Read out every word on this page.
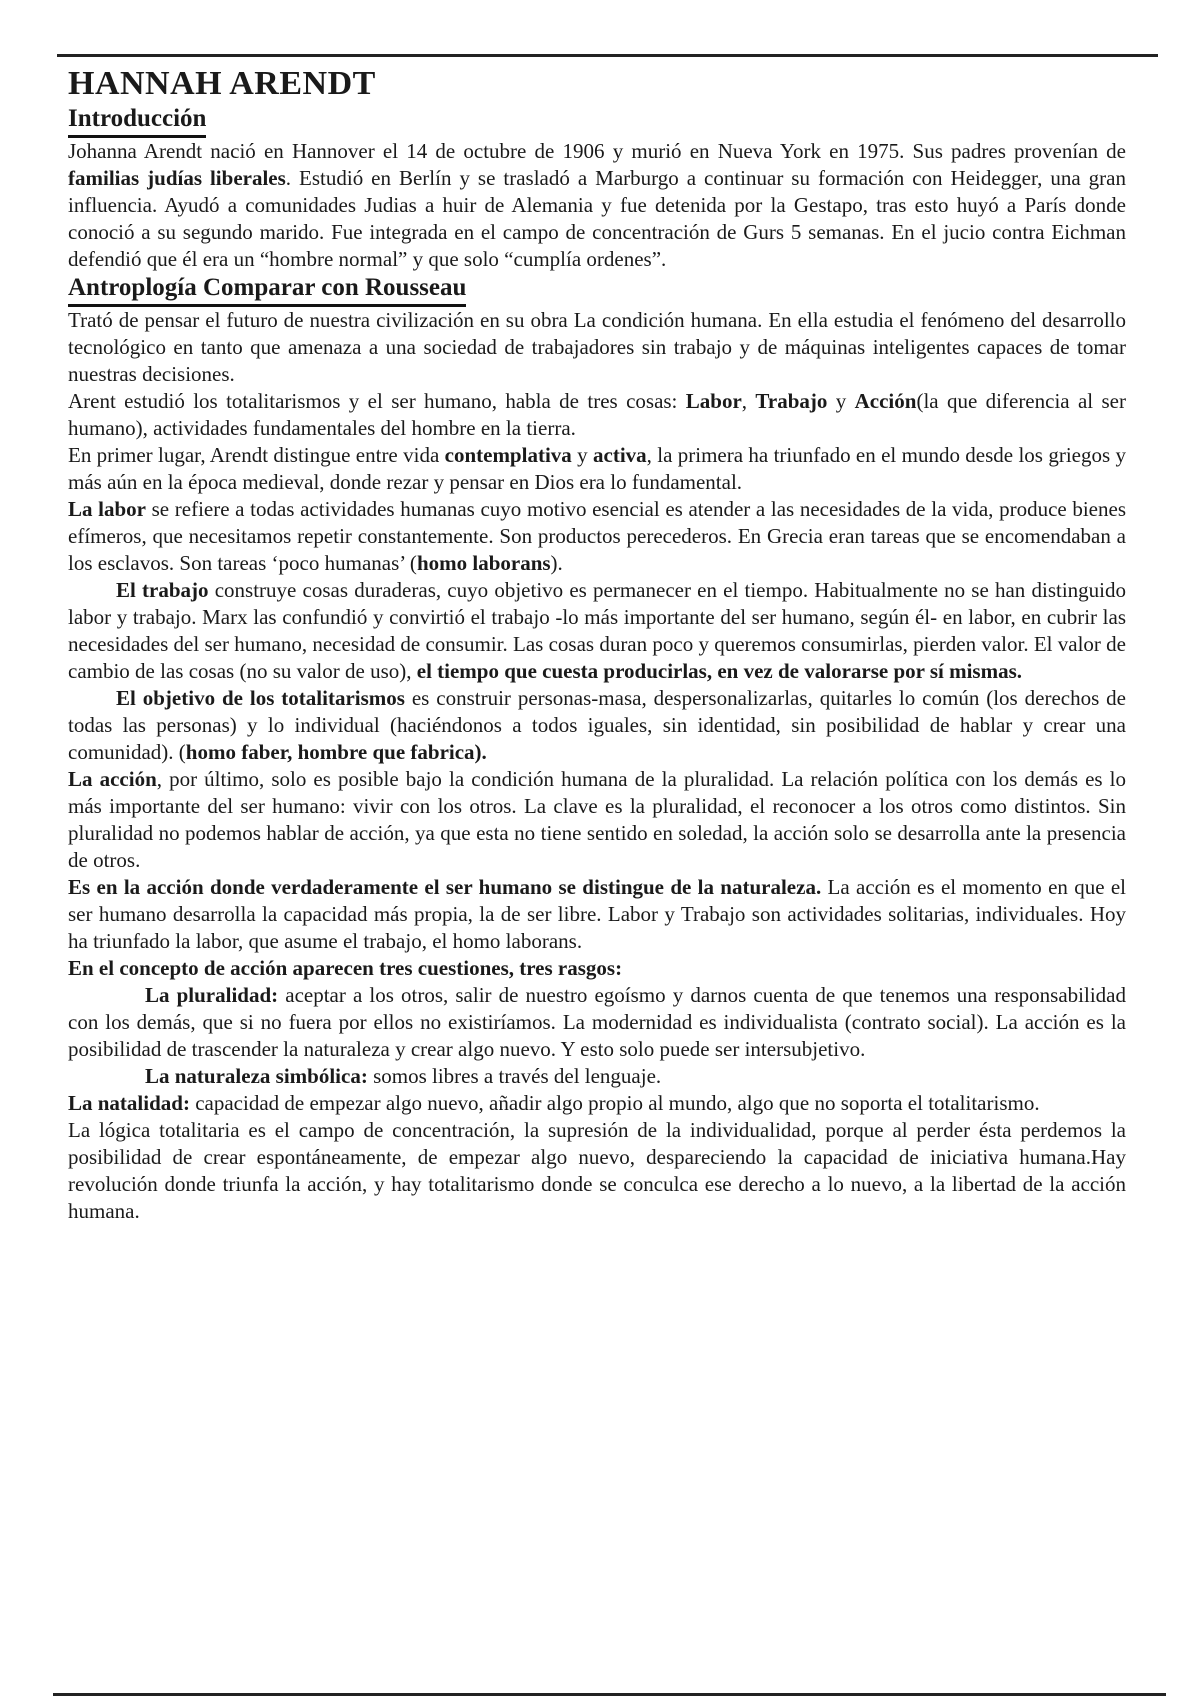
HANNAH ARENDT
Introducción

Johanna Arendt nació en Hannover el 14 de octubre de 1906 y murió en Nueva York en 1975. Sus padres provenían de familias judías liberales. Estudió en Berlín y se trasladó a Marburgo a continuar su formación con Heidegger, una gran influencia. Ayudó a comunidades Judias a huir de Alemania y fue detenida por la Gestapo, tras esto huyó a París donde conoció a su segundo marido. Fue integrada en el campo de concentración de Gurs 5 semanas. En el jucio contra Eichman defendió que él era un “hombre normal” y que solo “cumplía ordenes”.

Antroplogía Comparar con Rousseau

Trató de pensar el futuro de nuestra civilización en su obra La condición humana. En ella estudia el fenómeno del desarrollo tecnológico en tanto que amenaza a una sociedad de trabajadores sin trabajo y de máquinas inteligentes capaces de tomar nuestras decisiones.

Arent estudió los totalitarismos y el ser humano, habla de tres cosas: Labor, Trabajo y Acción(la que diferencia al ser humano), actividades fundamentales del hombre en la tierra.

En primer lugar, Arendt distingue entre vida contemplativa y activa, la primera ha triunfado en el mundo desde los griegos y más aún en la época medieval, donde rezar y pensar en Dios era lo fundamental.

La labor se refiere a todas actividades humanas cuyo motivo esencial es atender a las necesidades de la vida, produce bienes efímeros, que necesitamos repetir constantemente. Son productos perecederos. En Grecia eran tareas que se encomendaban a los esclavos. Son tareas ‘poco humanas’ (homo laborans).

El trabajo construye cosas duraderas, cuyo objetivo es permanecer en el tiempo. Habitualmente no se han distinguido labor y trabajo. Marx las confundió y convirtió el trabajo -lo más importante del ser humano, según él- en labor, en cubrir las necesidades del ser humano, necesidad de consumir. Las cosas duran poco y queremos consumirlas, pierden valor. El valor de cambio de las cosas (no su valor de uso), el tiempo que cuesta producirlas, en vez de valorarse por sí mismas.

El objetivo de los totalitarismos es construir personas-masa, despersonalizarlas, quitarles lo común (los derechos de todas las personas) y lo individual (haciéndonos a todos iguales, sin identidad, sin posibilidad de hablar y crear una comunidad). (homo faber, hombre que fabrica).

La acción, por último, solo es posible bajo la condición humana de la pluralidad. La relación política con los demás es lo más importante del ser humano: vivir con los otros. La clave es la pluralidad, el reconocer a los otros como distintos. Sin pluralidad no podemos hablar de acción, ya que esta no tiene sentido en soledad, la acción solo se desarrolla ante la presencia de otros.

Es en la acción donde verdaderamente el ser humano se distingue de la naturaleza. La acción es el momento en que el ser humano desarrolla la capacidad más propia, la de ser libre. Labor y Trabajo son actividades solitarias, individuales. Hoy ha triunfado la labor, que asume el trabajo, el homo laborans.

En el concepto de acción aparecen tres cuestiones, tres rasgos:

La pluralidad: aceptar a los otros, salir de nuestro egoísmo y darnos cuenta de que tenemos una responsabilidad con los demás, que si no fuera por ellos no existiríamos. La modernidad es individualista (contrato social). La acción es la posibilidad de trascender la naturaleza y crear algo nuevo. Y esto solo puede ser intersubjetivo.

La naturaleza simbólica: somos libres a través del lenguaje.

La natalidad: capacidad de empezar algo nuevo, añadir algo propio al mundo, algo que no soporta el totalitarismo.

La lógica totalitaria es el campo de concentración, la supresión de la individualidad, porque al perder ésta perdemos la posibilidad de crear espontáneamente, de empezar algo nuevo, despareciendo la capacidad de iniciativa humana.Hay revolución donde triunfa la acción, y hay totalitarismo donde se conculca ese derecho a lo nuevo, a la libertad de la acción humana.
